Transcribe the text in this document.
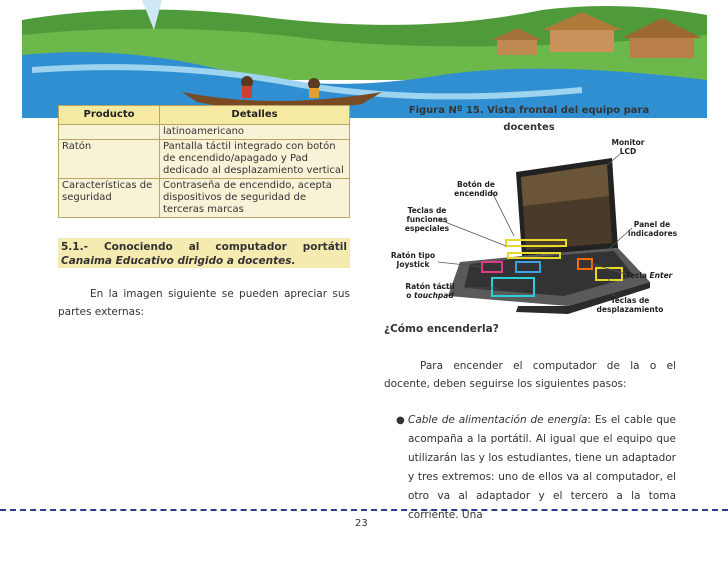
Producto	Detalles
	latinoamericano
Ratón	Pantalla táctil integrado con botón de encendido/apagado y Pad dedicado al desplazamiento vertical
Características de seguridad	Contraseña de encendido, acepta dispositivos de seguridad de terceras marcas
5.1.- Conociendo al computador portátil Canaima Educativo dirigido a docentes.
En la imagen siguiente se pueden apreciar sus partes externas:
Figura Nº 15. Vista frontal del equipo para docentes
Monitor LCD
Botón de encendido
Teclas de funciones especiales	Panel de indicadores
Ratón tipo Joystick
Tecla Enter
Ratón táctil o touchpad
Teclas de desplazamiento
¿Cómo encenderla?
Para encender el computador de la o el docente, deben seguirse los siguientes pasos:
● Cable de alimentación de energía: Es el cable que acompaña a la portátil. Al igual que el equipo que utilizarán las y los estudiantes, tiene un adaptador y tres extremos: uno de ellos va al computador, el otro va al adaptador y el tercero a la toma corriente. Una
23
